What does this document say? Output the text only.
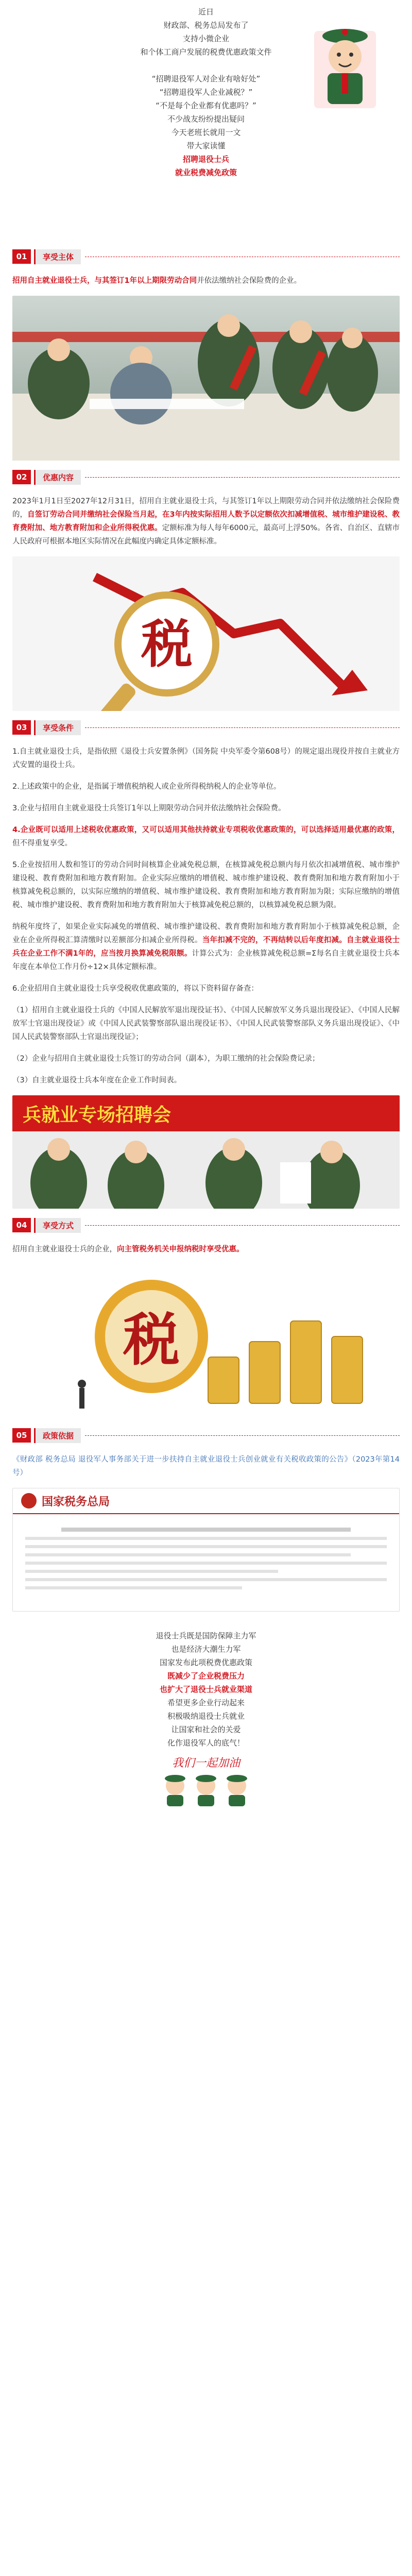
近日

财政部、税务总局发布了

支持小微企业

和个体工商户发展的税费优惠政策文件

“招聘退役军人对企业有啥好处”

“招聘退役军人企业减税？”

“不是每个企业都有优惠吗？”

不少战友纷纷提出疑问

今天老班长就用一文

带大家读懂

招聘退役士兵

就业税费减免政策

01	享受主体

招用自主就业退役士兵，与其签订1年以上期限劳动合同并依法缴纳社会保险费的企业。

02	优惠内容

2023年1月1日至2027年12月31日，招用自主就业退役士兵，与其签订1年以上期限劳动合同并依法缴纳社会保险费的，自签订劳动合同并缴纳社会保险当月起，在3年内按实际招用人数予以定额依次扣减增值税、城市维护建设税、教育费附加、地方教育附加和企业所得税优惠。定额标准为每人每年6000元，最高可上浮50%。各省、自治区、直辖市人民政府可根据本地区实际情况在此幅度内确定具体定额标准。

税
03	享受条件

1.自主就业退役士兵，是指依照《退役士兵安置条例》（国务院 中央军委令第608号）的规定退出现役并按自主就业方式安置的退役士兵。

2.上述政策中的企业，是指属于增值税纳税人或企业所得税纳税人的企业等单位。

3.企业与招用自主就业退役士兵签订1年以上期限劳动合同并依法缴纳社会保险费。

4.企业既可以适用上述税收优惠政策，又可以适用其他扶持就业专项税收优惠政策的，可以选择适用最优惠的政策，但不得重复享受。

5.企业按招用人数和签订的劳动合同时间核算企业减免税总额，在核算减免税总额内每月依次扣减增值税、城市维护建设税、教育费附加和地方教育附加。企业实际应缴纳的增值税、城市维护建设税、教育费附加和地方教育附加小于核算减免税总额的，以实际应缴纳的增值税、城市维护建设税、教育费附加和地方教育附加为限；实际应缴纳的增值税、城市维护建设税、教育费附加和地方教育附加大于核算减免税总额的，以核算减免税总额为限。

纳税年度终了，如果企业实际减免的增值税、城市维护建设税、教育费附加和地方教育附加小于核算减免税总额，企业在企业所得税汇算清缴时以差额部分扣减企业所得税。当年扣减不完的，不再结转以后年度扣减。自主就业退役士兵在企业工作不满1年的，应当按月换算减免税限额。计算公式为：企业核算减免税总额=Σ每名自主就业退役士兵本年度在本单位工作月份÷12×具体定额标准。

6.企业招用自主就业退役士兵享受税收优惠政策的，将以下资料留存备查：

（1）招用自主就业退役士兵的《中国人民解放军退出现役证书》、《中国人民解放军义务兵退出现役证》、《中国人民解放军士官退出现役证》或《中国人民武装警察部队退出现役证书》、《中国人民武装警察部队义务兵退出现役证》、《中国人民武装警察部队士官退出现役证》；

（2）企业与招用自主就业退役士兵签订的劳动合同（副本），为职工缴纳的社会保险费记录；

（3）自主就业退役士兵本年度在企业工作时间表。

兵就业专场招聘会
04	享受方式

招用自主就业退役士兵的企业，向主管税务机关申报纳税时享受优惠。

税
05	政策依据

《财政部 税务总局 退役军人事务部关于进一步扶持自主就业退役士兵创业就业有关税收政策的公告》（2023年第14号）

国家税务总局

退役士兵既是国防保障主力军

也是经济大潮生力军

国家发布此项税费优惠政策

既减少了企业税费压力

也扩大了退役士兵就业渠道

希望更多企业行动起来

积极吸纳退役士兵就业

让国家和社会的关爱

化作退役军人的底气！

我们一起加油
